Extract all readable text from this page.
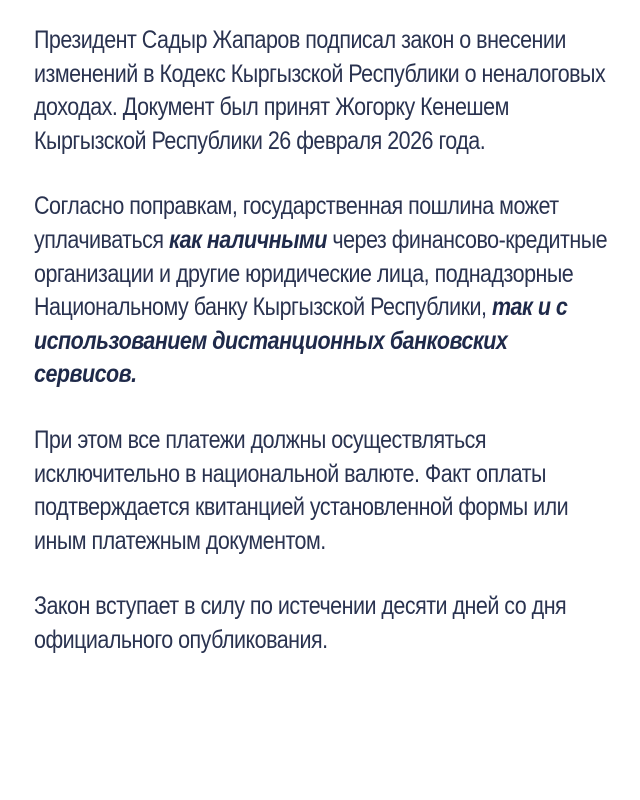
Президент Садыр Жапаров подписал закон о внесении изменений в Кодекс Кыргызской Республики о неналоговых доходах. Документ был принят Жогорку Кенешем Кыргызской Республики 26 февраля 2026 года.

Согласно поправкам, государственная пошлина может уплачиваться как наличными через финансово-кредитные организации и другие юридические лица, поднадзорные Национальному банку Кыргызской Республики, так и с использованием дистанционных банковских сервисов.

При этом все платежи должны осуществляться исключительно в национальной валюте. Факт оплаты подтверждается квитанцией установленной формы или иным платежным документом.

Закон вступает в силу по истечении десяти дней со дня официального опубликования.
